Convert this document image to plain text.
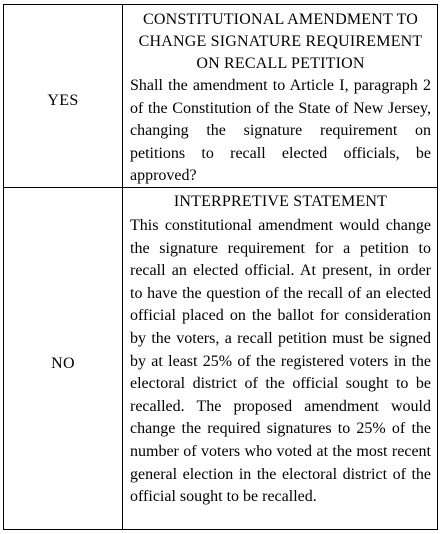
YES

CONSTITUTIONAL AMENDMENT TO CHANGE SIGNATURE REQUIREMENT ON RECALL PETITION

Shall the amendment to Article I, paragraph 2 of the Constitution of the State of New Jersey, changing the signature requirement on petitions to recall elected officials, be approved?

NO

INTERPRETIVE STATEMENT

This constitutional amendment would change the signature requirement for a petition to recall an elected official. At present, in order to have the question of the recall of an elected official placed on the ballot for consideration by the voters, a recall petition must be signed by at least 25% of the registered voters in the electoral district of the official sought to be recalled. The proposed amendment would change the required signatures to 25% of the number of voters who voted at the most recent general election in the electoral district of the official sought to be recalled.
